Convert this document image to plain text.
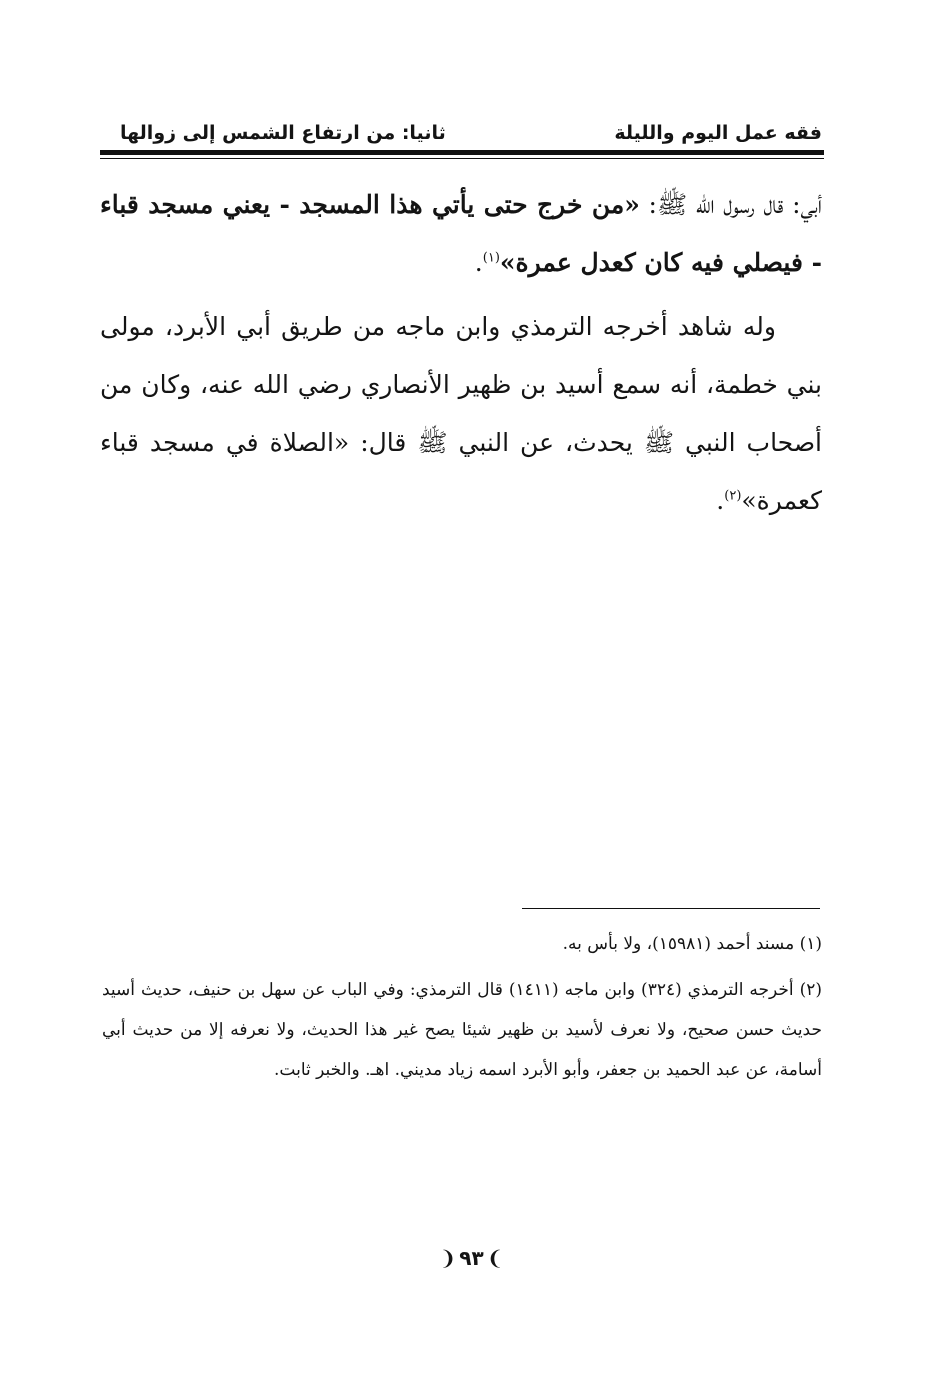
فقه عمل اليوم والليلة
ثانيا: من ارتفاع الشمس إلى زوالها

أبي: قال رسول الله ﷺ: «من خرج حتى يأتي هذا المسجد - يعني مسجد قباء - فيصلي فيه كان كعدل عمرة»$^{(١)}$.

وله شاهد أخرجه الترمذي وابن ماجه من طريق أبي الأبرد، مولى بني خطمة، أنه سمع أسيد بن ظهير الأنصاري رضي الله عنه، وكان من أصحاب النبي ﷺ يحدث، عن النبي ﷺ قال: «الصلاة في مسجد قباء كعمرة»$^{(٢)}$.

(١) مسند أحمد (١٥٩٨١)، ولا بأس به.

(٢) أخرجه الترمذي (٣٢٤) وابن ماجه (١٤١١) قال الترمذي: وفي الباب عن سهل بن حنيف، حديث أسيد حديث حسن صحيح، ولا نعرف لأسيد بن ظهير شيئا يصح غير هذا الحديث، ولا نعرفه إلا من حديث أبي أسامة، عن عبد الحميد بن جعفر، وأبو الأبرد اسمه زياد مديني. اهـ. والخبر ثابت.

❩٩٣❨
